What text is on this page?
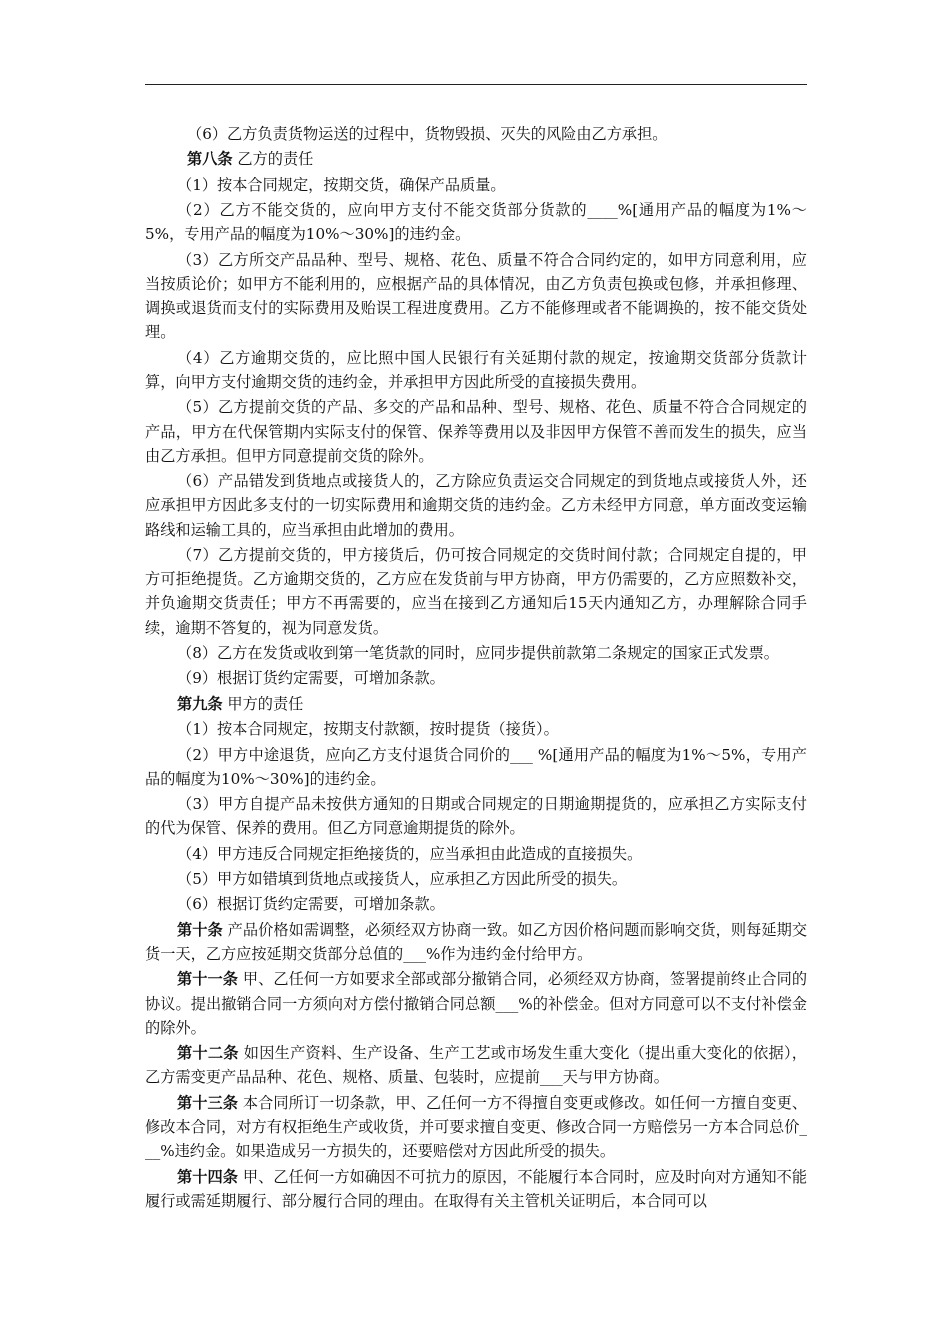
（6）乙方负责货物运送的过程中，货物毁损、灭失的风险由乙方承担。

第八条 乙方的责任

（1）按本合同规定，按期交货，确保产品质量。

（2）乙方不能交货的，应向甲方支付不能交货部分货款的____%[通用产品的幅度为1%～5%，专用产品的幅度为10%～30%]的违约金。

（3）乙方所交产品品种、型号、规格、花色、质量不符合合同约定的，如甲方同意利用，应当按质论价；如甲方不能利用的，应根据产品的具体情况，由乙方负责包换或包修，并承担修理、调换或退货而支付的实际费用及贻误工程进度费用。乙方不能修理或者不能调换的，按不能交货处理。

（4）乙方逾期交货的，应比照中国人民银行有关延期付款的规定，按逾期交货部分货款计算，向甲方支付逾期交货的违约金，并承担甲方因此所受的直接损失费用。

（5）乙方提前交货的产品、多交的产品和品种、型号、规格、花色、质量不符合合同规定的产品，甲方在代保管期内实际支付的保管、保养等费用以及非因甲方保管不善而发生的损失，应当由乙方承担。但甲方同意提前交货的除外。

（6）产品错发到货地点或接货人的，乙方除应负责运交合同规定的到货地点或接货人外，还应承担甲方因此多支付的一切实际费用和逾期交货的违约金。乙方未经甲方同意，单方面改变运输路线和运输工具的，应当承担由此增加的费用。

（7）乙方提前交货的，甲方接货后，仍可按合同规定的交货时间付款；合同规定自提的，甲方可拒绝提货。乙方逾期交货的，乙方应在发货前与甲方协商，甲方仍需要的，乙方应照数补交，并负逾期交货责任；甲方不再需要的，应当在接到乙方通知后15天内通知乙方，办理解除合同手续，逾期不答复的，视为同意发货。

（8）乙方在发货或收到第一笔货款的同时，应同步提供前款第二条规定的国家正式发票。

（9）根据订货约定需要，可增加条款。

第九条 甲方的责任

（1）按本合同规定，按期支付款额，按时提货（接货）。

（2）甲方中途退货，应向乙方支付退货合同价的___ %[通用产品的幅度为1%～5%，专用产品的幅度为10%～30%]的违约金。

（3）甲方自提产品未按供方通知的日期或合同规定的日期逾期提货的，应承担乙方实际支付的代为保管、保养的费用。但乙方同意逾期提货的除外。

（4）甲方违反合同规定拒绝接货的，应当承担由此造成的直接损失。

（5）甲方如错填到货地点或接货人，应承担乙方因此所受的损失。

（6）根据订货约定需要，可增加条款。

第十条 产品价格如需调整，必须经双方协商一致。如乙方因价格问题而影响交货，则每延期交货一天，乙方应按延期交货部分总值的___%作为违约金付给甲方。

第十一条 甲、乙任何一方如要求全部或部分撤销合同，必须经双方协商，签署提前终止合同的协议。提出撤销合同一方须向对方偿付撤销合同总额___%的补偿金。但对方同意可以不支付补偿金的除外。

第十二条 如因生产资料、生产设备、生产工艺或市场发生重大变化（提出重大变化的依据），乙方需变更产品品种、花色、规格、质量、包装时，应提前___天与甲方协商。

第十三条 本合同所订一切条款，甲、乙任何一方不得擅自变更或修改。如任何一方擅自变更、修改本合同，对方有权拒绝生产或收货，并可要求擅自变更、修改合同一方赔偿另一方本合同总价___%违约金。如果造成另一方损失的，还要赔偿对方因此所受的损失。

第十四条 甲、乙任何一方如确因不可抗力的原因，不能履行本合同时，应及时向对方通知不能履行或需延期履行、部分履行合同的理由。在取得有关主管机关证明后，本合同可以
